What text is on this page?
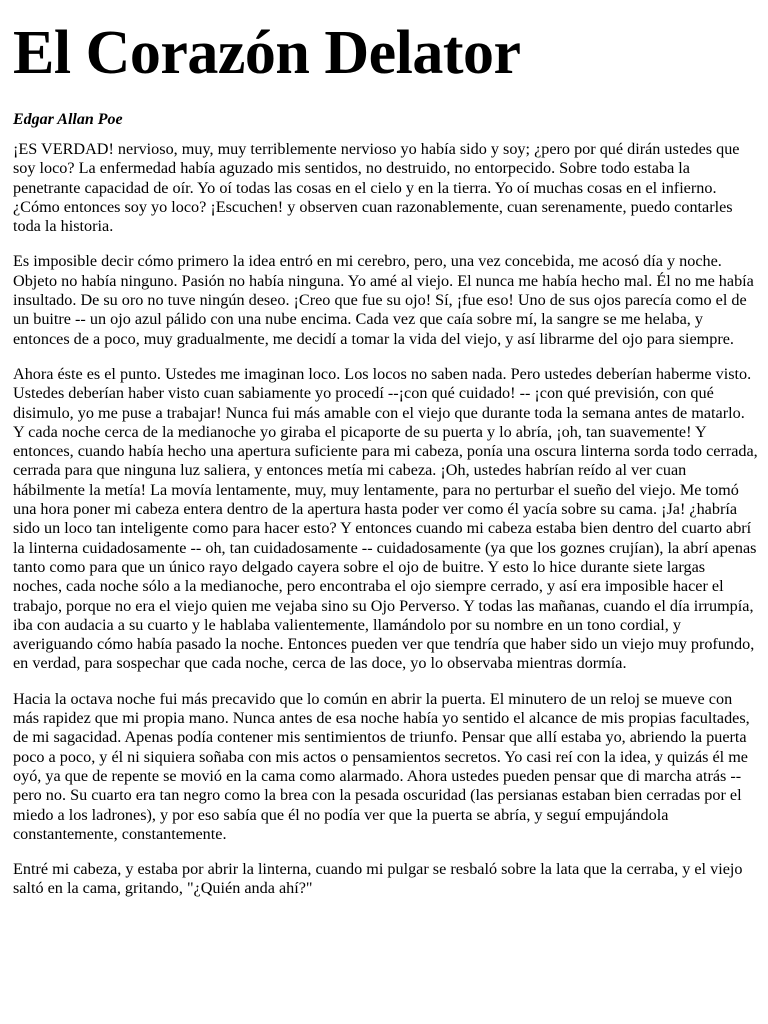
El Corazón Delator

Edgar Allan Poe

¡ES VERDAD! nervioso, muy, muy terriblemente nervioso yo había sido y soy; ¿pero por qué dirán ustedes que soy loco? La enfermedad había aguzado mis sentidos, no destruido, no entorpecido. Sobre todo estaba la penetrante capacidad de oír. Yo oí todas las cosas en el cielo y en la tierra. Yo oí muchas cosas en el infierno. ¿Cómo entonces soy yo loco? ¡Escuchen! y observen cuan razonablemente, cuan serenamente, puedo contarles toda la historia.

Es imposible decir cómo primero la idea entró en mi cerebro, pero, una vez concebida, me acosó día y noche. Objeto no había ninguno. Pasión no había ninguna. Yo amé al viejo. El nunca me había hecho mal. Él no me había insultado. De su oro no tuve ningún deseo. ¡Creo que fue su ojo! Sí, ¡fue eso! Uno de sus ojos parecía como el de un buitre -- un ojo azul pálido con una nube encima. Cada vez que caía sobre mí, la sangre se me helaba, y entonces de a poco, muy gradualmente, me decidí a tomar la vida del viejo, y así librarme del ojo para siempre.

Ahora éste es el punto. Ustedes me imaginan loco. Los locos no saben nada. Pero ustedes deberían haberme visto. Ustedes deberían haber visto cuan sabiamente yo procedí --¡con qué cuidado! -- ¡con qué previsión, con qué disimulo, yo me puse a trabajar! Nunca fui más amable con el viejo que durante toda la semana antes de matarlo. Y cada noche cerca de la medianoche yo giraba el picaporte de su puerta y lo abría, ¡oh, tan suavemente! Y entonces, cuando había hecho una apertura suficiente para mi cabeza, ponía una oscura linterna sorda todo cerrada, cerrada para que ninguna luz saliera, y entonces metía mi cabeza. ¡Oh, ustedes habrían reído al ver cuan hábilmente la metía! La movía lentamente, muy, muy lentamente, para no perturbar el sueño del viejo. Me tomó una hora poner mi cabeza entera dentro de la apertura hasta poder ver como él yacía sobre su cama. ¡Ja! ¿habría sido un loco tan inteligente como para hacer esto? Y entonces cuando mi cabeza estaba bien dentro del cuarto abrí la linterna cuidadosamente -- oh, tan cuidadosamente -- cuidadosamente (ya que los goznes crujían), la abrí apenas tanto como para que un único rayo delgado cayera sobre el ojo de buitre. Y esto lo hice durante siete largas noches, cada noche sólo a la medianoche, pero encontraba el ojo siempre cerrado, y así era imposible hacer el trabajo, porque no era el viejo quien me vejaba sino su Ojo Perverso. Y todas las mañanas, cuando el día irrumpía, iba con audacia a su cuarto y le hablaba valientemente, llamándolo por su nombre en un tono cordial, y averiguando cómo había pasado la noche. Entonces pueden ver que tendría que haber sido un viejo muy profundo, en verdad, para sospechar que cada noche, cerca de las doce, yo lo observaba mientras dormía.

Hacia la octava noche fui más precavido que lo común en abrir la puerta. El minutero de un reloj se mueve con más rapidez que mi propia mano. Nunca antes de esa noche había yo sentido el alcance de mis propias facultades, de mi sagacidad. Apenas podía contener mis sentimientos de triunfo. Pensar que allí estaba yo, abriendo la puerta poco a poco, y él ni siquiera soñaba con mis actos o pensamientos secretos. Yo casi reí con la idea, y quizás él me oyó, ya que de repente se movió en la cama como alarmado. Ahora ustedes pueden pensar que di marcha atrás -- pero no. Su cuarto era tan negro como la brea con la pesada oscuridad (las persianas estaban bien cerradas por el miedo a los ladrones), y por eso sabía que él no podía ver que la puerta se abría, y seguí empujándola constantemente, constantemente.

Entré mi cabeza, y estaba por abrir la linterna, cuando mi pulgar se resbaló sobre la lata que la cerraba, y el viejo saltó en la cama, gritando, "¿Quién anda ahí?"
